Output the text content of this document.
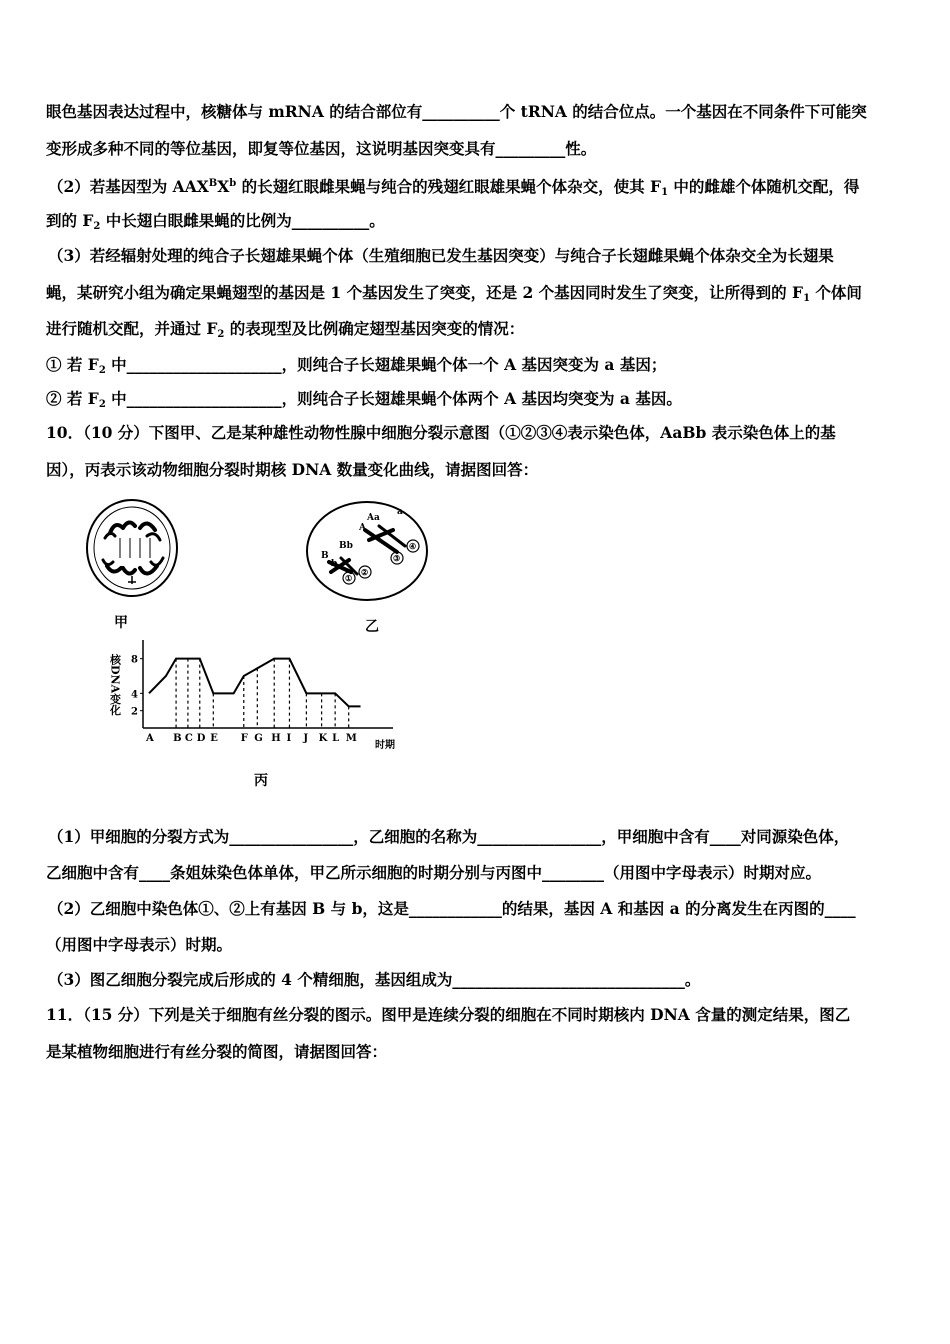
眼色基因表达过程中，核糖体与 mRNA 的结合部位有__________个 tRNA 的结合位点。一个基因在不同条件下可能突
变形成多种不同的等位基因，即复等位基因，这说明基因突变具有_________性。
（2）若基因型为 $AAX^BX^b$ 的长翅红眼雌果蝇与纯合的残翅红眼雄果蝇个体杂交，使其 $F_1$ 中的雌雄个体随机交配，得
到的 $F_2$ 中长翅白眼雌果蝇的比例为__________。
（3）若经辐射处理的纯合子长翅雄果蝇个体（生殖细胞已发生基因突变）与纯合子长翅雌果蝇个体杂交全为长翅果
蝇，某研究小组为确定果蝇翅型的基因是 1 个基因发生了突变，还是 2 个基因同时发生了突变，让所得到的 $F_1$ 个体间
进行随机交配，并通过 $F_2$ 的表现型及比例确定翅型基因突变的情况：
① 若 $F_2$ 中____________________，则纯合子长翅雄果蝇个体一个 A 基因突变为 a 基因；
② 若 $F_2$ 中____________________，则纯合子长翅雄果蝇个体两个 A 基因均突变为 a 基因。
10．（10 分）下图甲、乙是某种雄性动物性腺中细胞分裂示意图（①②③④表示染色体，AaBb 表示染色体上的基
因），丙表示该动物细胞分裂时期核 DNA 数量变化曲线，请据图回答：
甲
B
b
Bb
A
Aa
a
①
②
③
④
乙
核DNA变化
时期
2
4
8
A B C D E F G H I J K L M
丙
（1）甲细胞的分裂方式为________________，乙细胞的名称为________________，甲细胞中含有____对同源染色体，
乙细胞中含有____条姐妹染色体单体，甲乙所示细胞的时期分别与丙图中________（用图中字母表示）时期对应。
（2）乙细胞中染色体①、②上有基因 B 与 b，这是____________的结果，基因 A 和基因 a 的分离发生在丙图的____
（用图中字母表示）时期。
（3）图乙细胞分裂完成后形成的 4 个精细胞，基因组成为______________________________。
11．（15 分）下列是关于细胞有丝分裂的图示。图甲是连续分裂的细胞在不同时期核内 DNA 含量的测定结果，图乙
是某植物细胞进行有丝分裂的简图，请据图回答：
